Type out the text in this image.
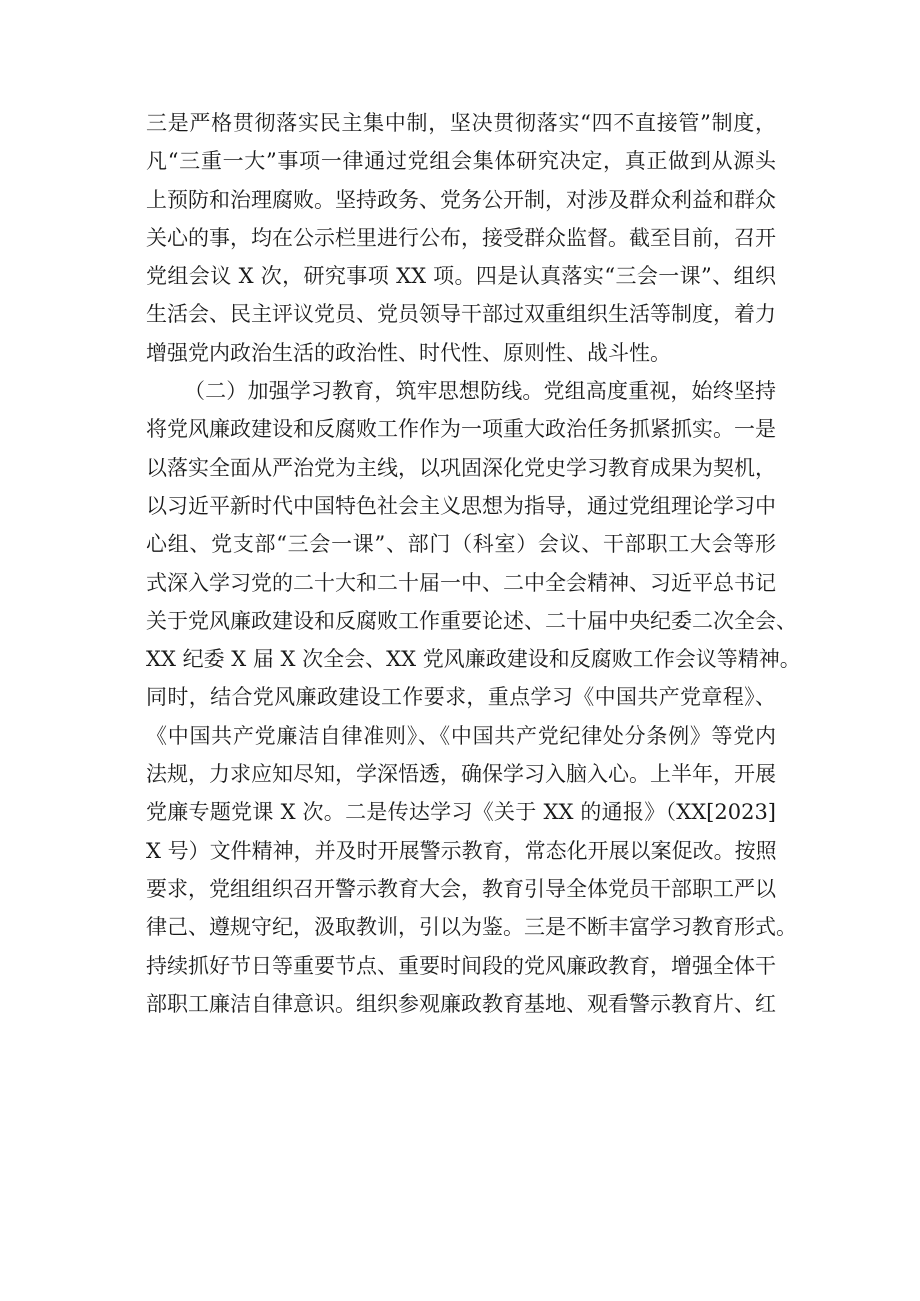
三是严格贯彻落实民主集中制，坚决贯彻落实“四不直接管”制度，
凡“三重一大”事项一律通过党组会集体研究决定，真正做到从源头
上预防和治理腐败。坚持政务、党务公开制，对涉及群众利益和群众
关心的事，均在公示栏里进行公布，接受群众监督。截至目前，召开
党组会议 X 次，研究事项 XX 项。四是认真落实“三会一课”、组织
生活会、民主评议党员、党员领导干部过双重组织生活等制度，着力
增强党内政治生活的政治性、时代性、原则性、战斗性。
（二）加强学习教育，筑牢思想防线。党组高度重视，始终坚持
将党风廉政建设和反腐败工作作为一项重大政治任务抓紧抓实。一是
以落实全面从严治党为主线，以巩固深化党史学习教育成果为契机，
以习近平新时代中国特色社会主义思想为指导，通过党组理论学习中
心组、党支部“三会一课”、部门（科室）会议、干部职工大会等形
式深入学习党的二十大和二十届一中、二中全会精神、习近平总书记
关于党风廉政建设和反腐败工作重要论述、二十届中央纪委二次全会、
XX 纪委 X 届 X 次全会、XX 党风廉政建设和反腐败工作会议等精神。
同时，结合党风廉政建设工作要求，重点学习《中国共产党章程》、
《中国共产党廉洁自律准则》、《中国共产党纪律处分条例》等党内
法规，力求应知尽知，学深悟透，确保学习入脑入心。上半年，开展
党廉专题党课 X 次。二是传达学习《关于 XX 的通报》（XX[2023]
X 号）文件精神，并及时开展警示教育，常态化开展以案促改。按照
要求，党组组织召开警示教育大会，教育引导全体党员干部职工严以
律己、遵规守纪，汲取教训，引以为鉴。三是不断丰富学习教育形式。
持续抓好节日等重要节点、重要时间段的党风廉政教育，增强全体干
部职工廉洁自律意识。组织参观廉政教育基地、观看警示教育片、红
